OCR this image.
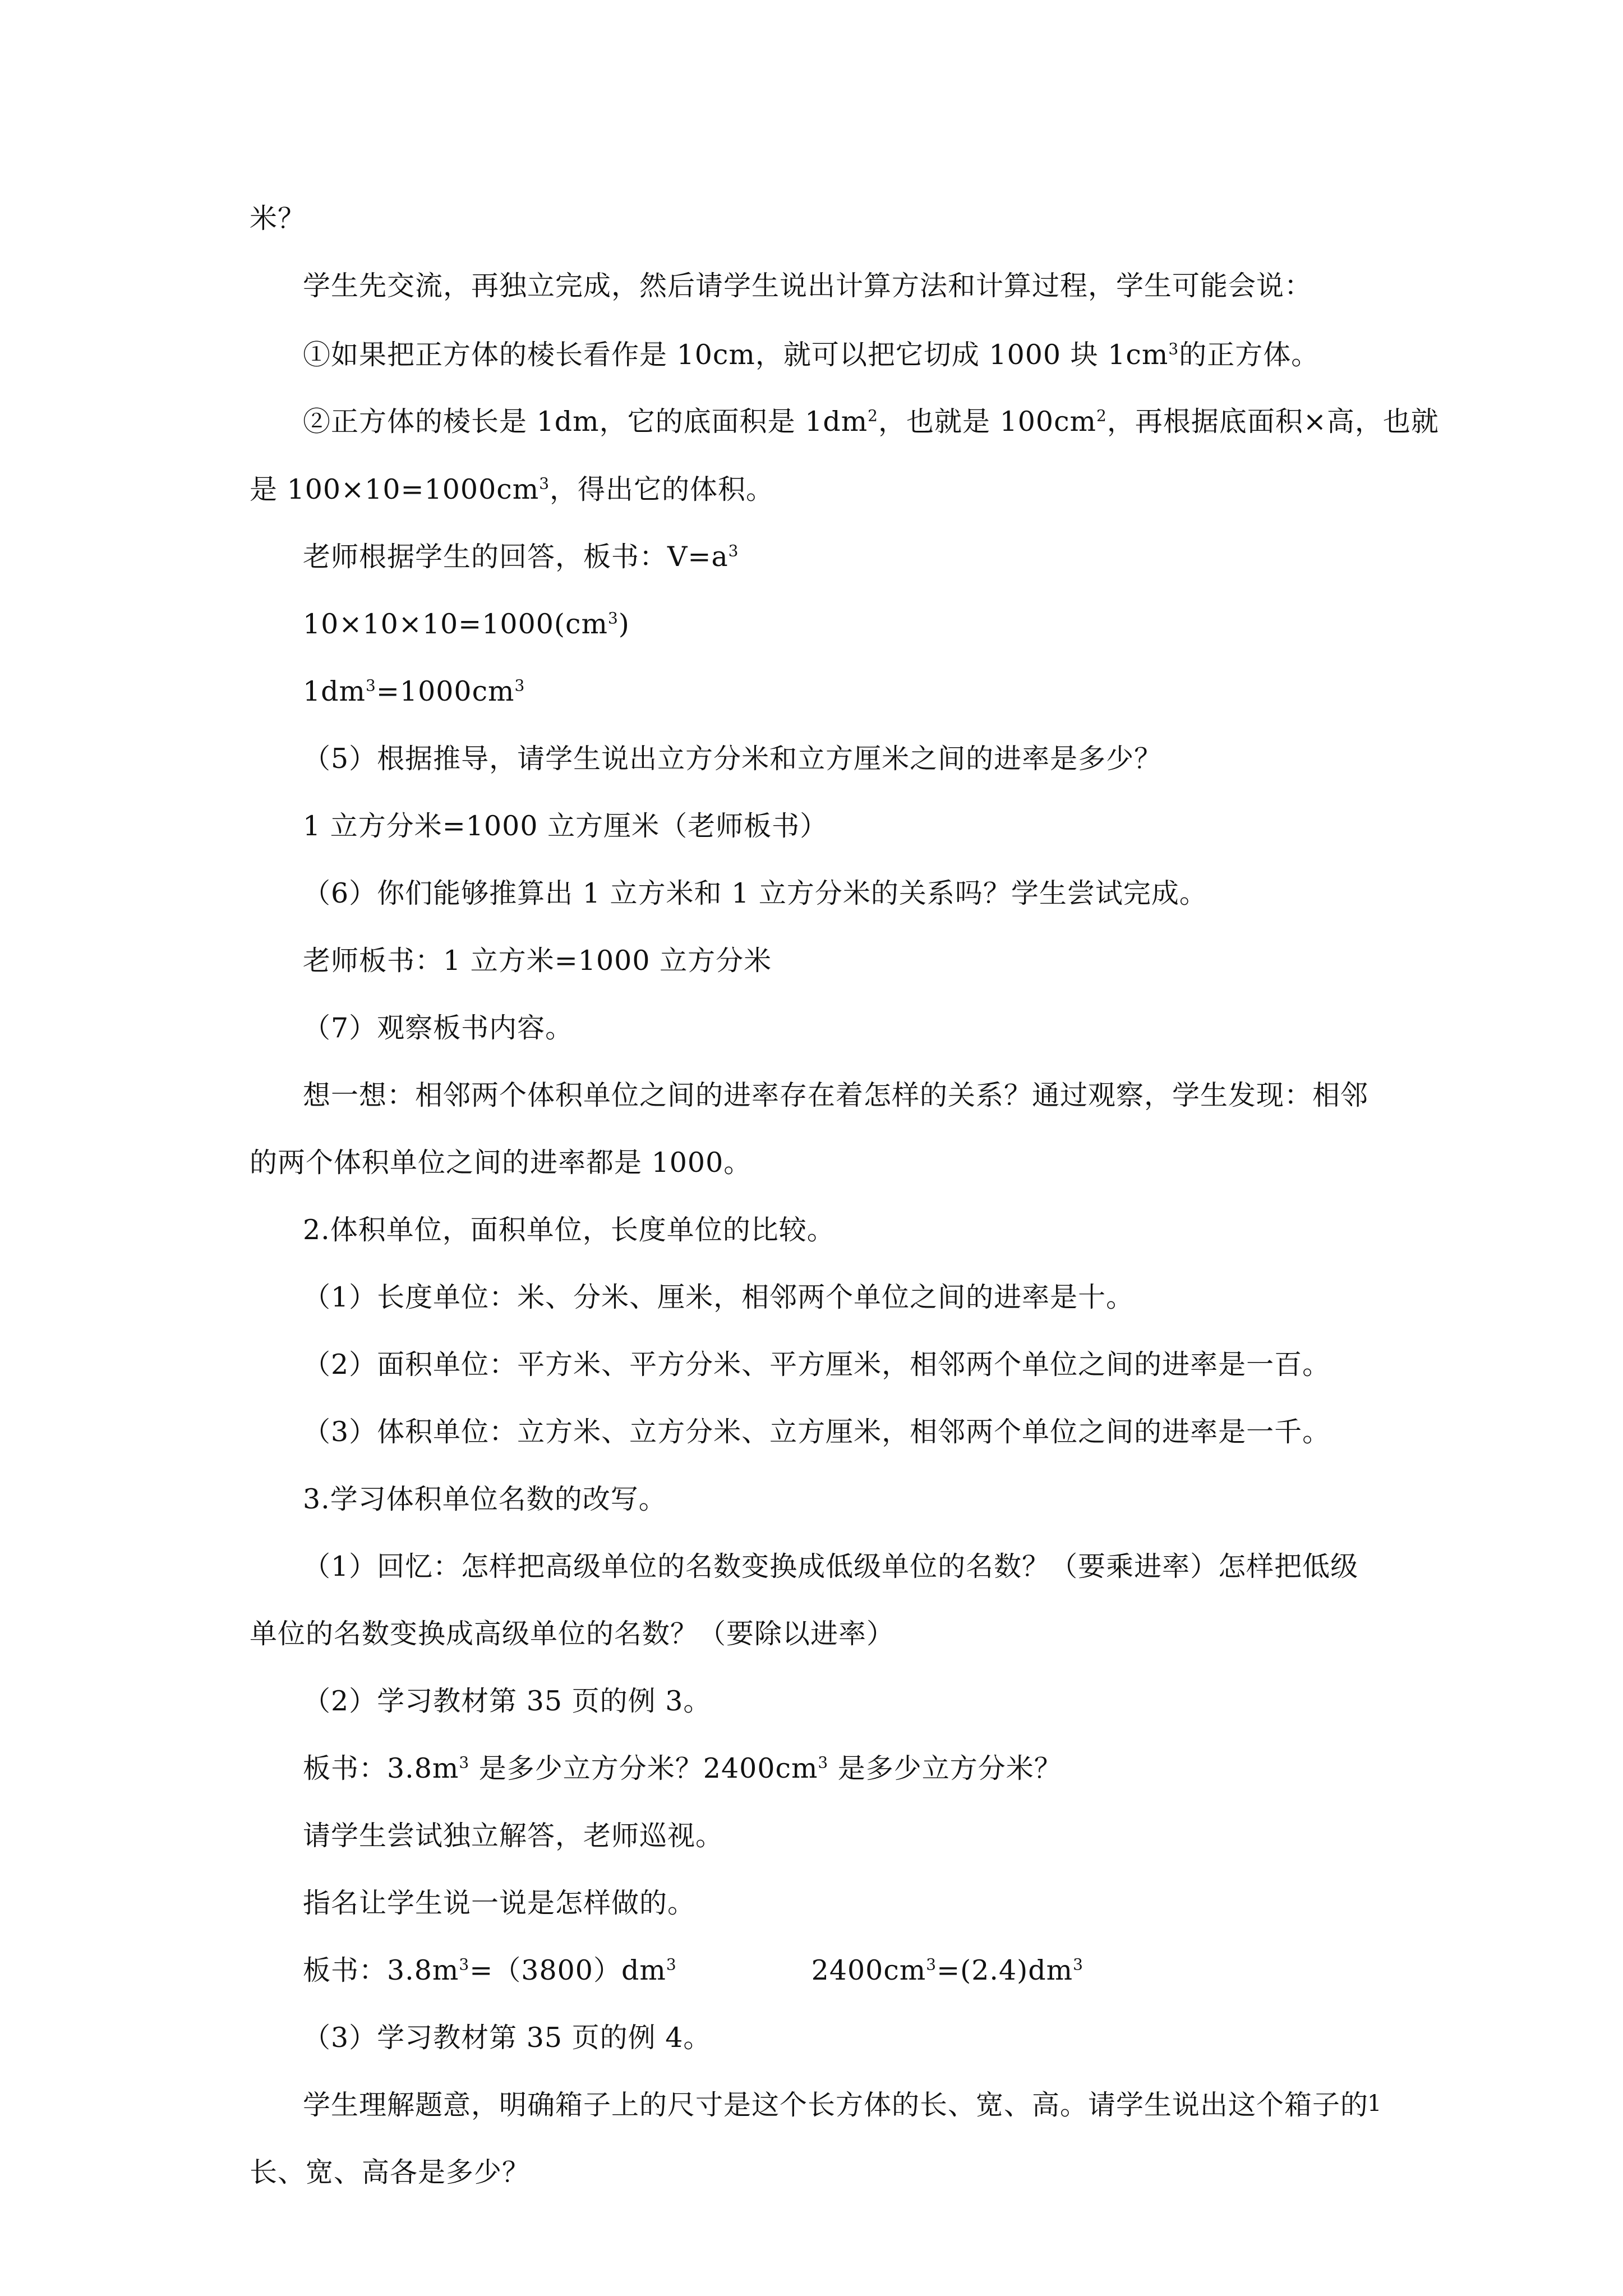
米？
学生先交流，再独立完成，然后请学生说出计算方法和计算过程，学生可能会说：
①如果把正方体的棱长看作是 10cm，就可以把它切成 1000 块 $1cm^3$的正方体。
②正方体的棱长是 1dm，它的底面积是 $1dm^2$，也就是 $100cm^2$，再根据底面积×高，也就
是 $100\times 10=1000cm^3$，得出它的体积。
老师根据学生的回答，板书：$V=a^3$
$10\times 10\times 10=1000(cm^3)$
$1dm^3=1000cm^3$
（5）根据推导，请学生说出立方分米和立方厘米之间的进率是多少？
1 立方分米=1000 立方厘米（老师板书）
（6）你们能够推算出 1 立方米和 1 立方分米的关系吗？学生尝试完成。
老师板书：1 立方米=1000 立方分米
（7）观察板书内容。
想一想：相邻两个体积单位之间的进率存在着怎样的关系？通过观察，学生发现：相邻
的两个体积单位之间的进率都是 1000。
2.体积单位，面积单位，长度单位的比较。
（1）长度单位：米、分米、厘米，相邻两个单位之间的进率是十。
（2）面积单位：平方米、平方分米、平方厘米，相邻两个单位之间的进率是一百。
（3）体积单位：立方米、立方分米、立方厘米，相邻两个单位之间的进率是一千。
3.学习体积单位名数的改写。
（1）回忆：怎样把高级单位的名数变换成低级单位的名数？（要乘进率）怎样把低级
单位的名数变换成高级单位的名数？（要除以进率）
（2）学习教材第 35 页的例 3。
板书：$3.8m^3$ 是多少立方分米？$2400cm^3$ 是多少立方分米？
请学生尝试独立解答，老师巡视。
指名让学生说一说是怎样做的。
板书：$3.8m^3=(3800)dm^3$	$2400cm^3=(2.4)dm^3$
（3）学习教材第 35 页的例 4。
学生理解题意，明确箱子上的尺寸是这个长方体的长、宽、高。请学生说出这个箱子的
长、宽、高各是多少？
1
